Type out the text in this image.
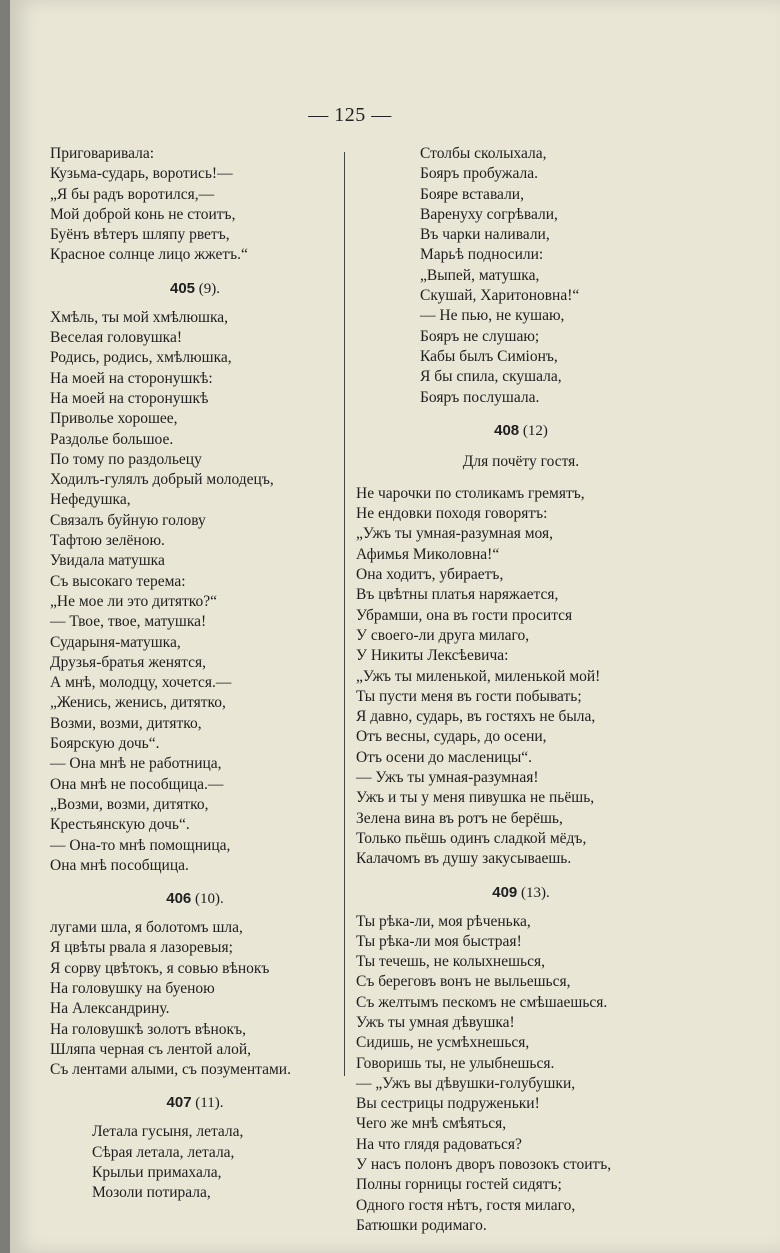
— 125 —
Приговаривала:
Кузьма-сударь, воротись!—
„Я бы радъ воротился,—
Мой доброй конь не стоитъ,
Буёнъ вѣтеръ шляпу рветъ,
Красное солнце лицо жжетъ.“
405 (9).
Хмѣль, ты мой хмѣлюшка,
Веселая головушка!
Родись, родись, хмѣлюшка,
На моей на сторонушкѣ:
На моей на сторонушкѣ
Приволье хорошее,
Раздолье большое.
По тому по раздольецу
Ходилъ-гулялъ добрый молодецъ,
Нефедушка,
Связалъ буйную голову
Тафтою зелёною.
Увидала матушка
Съ высокаго терема:
„Не мое ли это дитятко?“
— Твое, твое, матушка!
Сударыня-матушка,
Друзья-братья женятся,
А мнѣ, молодцу, хочется.—
„Женись, женись, дитятко,
Возми, возми, дитятко,
Боярскую дочь“.
— Она мнѣ не работница,
Она мнѣ не пособщица.—
„Возми, возми, дитятко,
Крестьянскую дочь“.
— Она-то мнѣ помощница,
Она мнѣ пособщица.
406 (10).
лугами шла, я болотомъ шла,
Я цвѣты рвала я лазоревыя;
Я сорву цвѣтокъ, я совью вѣнокъ
На головушку на буеною
На Александрину.
На головушкѣ золотъ вѣнокъ,
Шляпа черная съ лентой алой,
Съ лентами алыми, съ позументами.
407 (11).
Летала гусыня, летала,
Сѣрая летала, летала,
Крыльи примахала,
Мозоли потирала,
Столбы сколыхала,
Бояръ пробужала.
Бояре вставали,
Варенуху согрѣвали,
Въ чарки наливали,
Марьѣ подносили:
„Выпей, матушка,
Скушай, Харитоновна!“
— Не пью, не кушаю,
Бояръ не слушаю;
Кабы былъ Симіонъ,
Я бы спила, скушала,
Бояръ послушала.
408 (12)
Для почёту гостя.
Не чарочки по столикамъ гремятъ,
Не ендовки походя говорятъ:
„Ужъ ты умная-разумная моя,
Афимья Миколовна!“
Она ходитъ, убираетъ,
Въ цвѣтны платья наряжается,
Убрамши, она въ гости просится
У своего-ли друга милаго,
У Никиты Лексѣевича:
„Ужъ ты миленькой, миленькой мой!
Ты пусти меня въ гости побывать;
Я давно, сударь, въ гостяхъ не была,
Отъ весны, сударь, до осени,
Отъ осени до масленицы“.
— Ужъ ты умная-разумная!
Ужъ и ты у меня пивушка не пьёшь,
Зелена вина въ ротъ не берёшь,
Только пьёшь одинъ сладкой мёдъ,
Калачомъ въ душу закусываешь.
409 (13).
Ты рѣка-ли, моя рѣченька,
Ты рѣка-ли моя быстрая!
Ты течешь, не колыхнешься,
Съ береговъ вонъ не выльешься,
Съ желтымъ пескомъ не смѣшаешься.
Ужъ ты умная дѣвушка!
Сидишь, не усмѣхнешься,
Говоришь ты, не улыбнешься.
— „Ужъ вы дѣвушки-голубушки,
Вы сестрицы подруженьки!
Чего же мнѣ смѣяться,
На что глядя радоваться?
У насъ полонъ дворъ повозокъ стоитъ,
Полны горницы гостей сидятъ;
Одного гостя нѣтъ, гостя милаго,
Батюшки родимаго.
